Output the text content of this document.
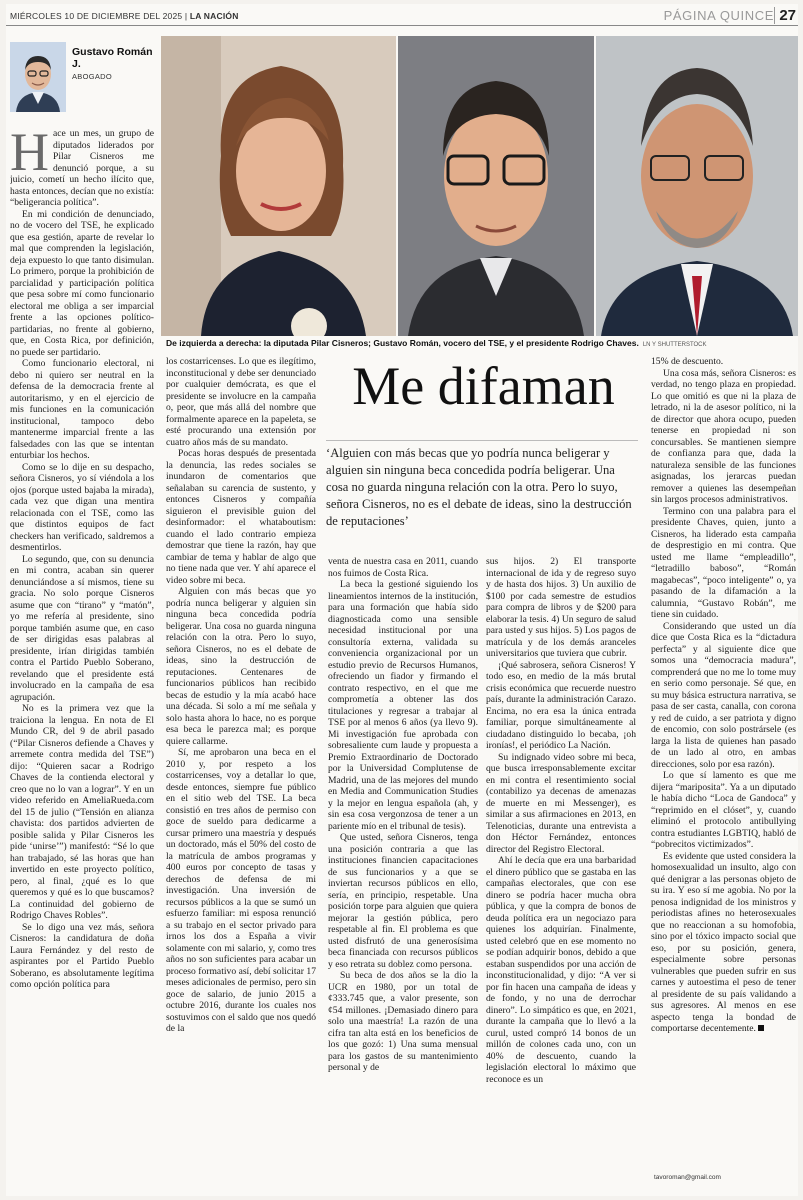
MIÉRCOLES 10 DE DICIEMBRE DEL 2025 | LA NACIÓN	PÁGINA QUINCE 27
Gustavo Román J.
ABOGADO
De izquierda a derecha: la diputada Pilar Cisneros; Gustavo Román, vocero del TSE, y el presidente Rodrigo Chaves. LN Y SHUTTERSTOCK

Hace un mes, un grupo de diputados liderados por Pilar Cisneros me denunció porque, a su juicio, cometí un hecho ilícito que, hasta entonces, decían que no existía: “beligerancia política”.

En mi condición de denunciado, no de vocero del TSE, he explicado que esa gestión, aparte de revelar lo mal que comprenden la legislación, deja expuesto lo que tanto disimulan. Lo primero, porque la prohibición de parcialidad y participación política que pesa sobre mí como funcionario electoral me obliga a ser imparcial frente a las opciones político-partidarias, no frente al gobierno, que, en Costa Rica, por definición, no puede ser partidario.

Como funcionario electoral, ni debo ni quiero ser neutral en la defensa de la democracia frente al autoritarismo, y en el ejercicio de mis funciones en la comunicación institucional, tampoco debo mantenerme imparcial frente a las falsedades con las que se intentan enturbiar los hechos.

Como se lo dije en su despacho, señora Cisneros, yo sí viéndola a los ojos (porque usted bajaba la mirada), cada vez que digan una mentira relacionada con el TSE, como las que distintos equipos de fact checkers han verificado, saldremos a desmentirlos.

Lo segundo, que, con su denuncia en mi contra, acaban sin querer denunciándose a sí mismos, tiene su gracia. No solo porque Cisneros asume que con “tirano” y “matón”, yo me refería al presidente, sino porque también asume que, en caso de ser dirigidas esas palabras al presidente, irían dirigidas también contra el Partido Pueblo Soberano, revelando que el presidente está involucrado en la campaña de esa agrupación.

No es la primera vez que la traiciona la lengua. En nota de El Mundo CR, del 9 de abril pasado (“Pilar Cisneros defiende a Chaves y arremete contra medida del TSE”) dijo: “Quieren sacar a Rodrigo Chaves de la contienda electoral y creo que no lo van a lograr”. Y en un video referido en AmeliaRueda.com del 15 de julio (“Tensión en alianza chavista: dos partidos advierten de posible salida y Pilar Cisneros les pide ‘unirse’”) manifestó: “Sé lo que han trabajado, sé las horas que han invertido en este proyecto político, pero, al final, ¿qué es lo que queremos y qué es lo que buscamos? La continuidad del gobierno de Rodrigo Chaves Robles”.

Se lo digo una vez más, señora Cisneros: la candidatura de doña Laura Fernández y del resto de aspirantes por el Partido Pueblo Soberano, es absolutamente legítima como opción política para

los costarricenses. Lo que es ilegítimo, inconstitucional y debe ser denunciado por cualquier demócrata, es que el presidente se involucre en la campaña o, peor, que más allá del nombre que formalmente aparece en la papeleta, se esté procurando una extensión por cuatro años más de su mandato.

Pocas horas después de presentada la denuncia, las redes sociales se inundaron de comentarios que señalaban su carencia de sustento, y entonces Cisneros y compañía siguieron el previsible guion del desinformador: el whataboutism: cuando el lado contrario empieza demostrar que tiene la razón, hay que cambiar de tema y hablar de algo que no tiene nada que ver. Y ahí aparece el video sobre mi beca.

Alguien con más becas que yo podría nunca beligerar y alguien sin ninguna beca concedida podría beligerar. Una cosa no guarda ninguna relación con la otra. Pero lo suyo, señora Cisneros, no es el debate de ideas, sino la destrucción de reputaciones. Centenares de funcionarios públicos han recibido becas de estudio y la mía acabó hace una década. Si solo a mí me señala y solo hasta ahora lo hace, no es porque esa beca le parezca mal; es porque quiere callarme.

Sí, me aprobaron una beca en el 2010 y, por respeto a los costarricenses, voy a detallar lo que, desde entonces, siempre fue público en el sitio web del TSE. La beca consistió en tres años de permiso con goce de sueldo para dedicarme a cursar primero una maestría y después un doctorado, más el 50% del costo de la matrícula de ambos programas y 400 euros por concepto de tasas y derechos de defensa de mi investigación. Una inversión de recursos públicos a la que se sumó un esfuerzo familiar: mi esposa renunció a su trabajo en el sector privado para irnos los dos a España a vivir solamente con mi salario, y, como tres años no son suficientes para acabar un proceso formativo así, debí solicitar 17 meses adicionales de permiso, pero sin goce de salario, de junio 2015 a octubre 2016, durante los cuales nos sostuvimos con el saldo que nos quedó de la

Me difaman
‘Alguien con más becas que yo podría nunca beligerar y alguien sin ninguna beca concedida podría beligerar. Una cosa no guarda ninguna relación con la otra. Pero lo suyo, señora Cisneros, no es el debate de ideas, sino la destrucción de reputaciones’

venta de nuestra casa en 2011, cuando nos fuimos de Costa Rica.

La beca la gestioné siguiendo los lineamientos internos de la institución, para una formación que había sido diagnosticada como una sensible necesidad institucional por una consultoría externa, validada su conveniencia organizacional por un estudio previo de Recursos Humanos, ofreciendo un fiador y firmando el contrato respectivo, en el que me comprometía a obtener las dos titulaciones y regresar a trabajar al TSE por al menos 6 años (ya llevo 9). Mi investigación fue aprobada con sobresaliente cum laude y propuesta a Premio Extraordinario de Doctorado por la Universidad Complutense de Madrid, una de las mejores del mundo en Media and Communication Studies y la mejor en lengua española (ah, y sin esa cosa vergonzosa de tener a un pariente mío en el tribunal de tesis).

Que usted, señora Cisneros, tenga una posición contraria a que las instituciones financien capacitaciones de sus funcionarios y a que se inviertan recursos públicos en ello, sería, en principio, respetable. Una posición torpe para alguien que quiera mejorar la gestión pública, pero respetable al fin. El problema es que usted disfrutó de una generosísima beca financiada con recursos públicos y eso retrata su doblez como persona.

Su beca de dos años se la dio la UCR en 1980, por un total de ¢333.745 que, a valor presente, son ¢54 millones. ¡Demasiado dinero para solo una maestría! La razón de una cifra tan alta está en los beneficios de los que gozó: 1) Una suma mensual para los gastos de su mantenimiento personal y de

sus hijos. 2) El transporte internacional de ida y de regreso suyo y de hasta dos hijos. 3) Un auxilio de $100 por cada semestre de estudios para compra de libros y de $200 para elaborar la tesis. 4) Un seguro de salud para usted y sus hijos. 5) Los pagos de matrícula y de los demás aranceles universitarios que tuviera que cubrir.

¡Qué sabrosera, señora Cisneros! Y todo eso, en medio de la más brutal crisis económica que recuerde nuestro país, durante la administración Carazo. Encima, no era esa la única entrada familiar, porque simultáneamente al ciudadano distinguido lo becaba, ¡oh ironías!, el periódico La Nación.

Su indignado video sobre mi beca, que busca irresponsablemente excitar en mi contra el resentimiento social (contabilizo ya decenas de amenazas de muerte en mi Messenger), es similar a sus afirmaciones en 2013, en Telenoticias, durante una entrevista a don Héctor Fernández, entonces director del Registro Electoral.

Ahí le decía que era una barbaridad el dinero público que se gastaba en las campañas electorales, que con ese dinero se podría hacer mucha obra pública, y que la compra de bonos de deuda política era un negociazo para quienes los adquirían. Finalmente, usted celebró que en ese momento no se podían adquirir bonos, debido a que estaban suspendidos por una acción de inconstitucionalidad, y dijo: “A ver si por fin hacen una campaña de ideas y de fondo, y no una de derrochar dinero”. Lo simpático es que, en 2021, durante la campaña que lo llevó a la curul, usted compró 14 bonos de un millón de colones cada uno, con un 40% de descuento, cuando la legislación electoral lo máximo que reconoce es un

15% de descuento.

Una cosa más, señora Cisneros: es verdad, no tengo plaza en propiedad. Lo que omitió es que ni la plaza de letrado, ni la de asesor político, ni la de director que ahora ocupo, pueden tenerse en propiedad ni son concursables. Se mantienen siempre de confianza para que, dada la naturaleza sensible de las funciones asignadas, los jerarcas puedan remover a quienes las desempeñan sin largos procesos administrativos.

Termino con una palabra para el presidente Chaves, quien, junto a Cisneros, ha liderado esta campaña de desprestigio en mi contra. Que usted me llame “empleadillo”, “letradillo baboso”, “Román magabecas”, “poco inteligente” o, ya pasando de la difamación a la calumnia, “Gustavo Robán”, me tiene sin cuidado.

Considerando que usted un día dice que Costa Rica es la “dictadura perfecta” y al siguiente dice que somos una “democracia madura”, comprenderá que no me lo tome muy en serio como personaje. Sé que, en su muy básica estructura narrativa, se pasa de ser casta, canalla, con corona y red de cuido, a ser patriota y digno de encomio, con solo postrársele (es larga la lista de quienes han pasado de un lado al otro, en ambas direcciones, solo por esa razón).

Lo que sí lamento es que me dijera “mariposita”. Ya a un diputado le había dicho “Loca de Gandoca” y “reprimido en el clóset”, y, cuando eliminó el protocolo antibullying contra estudiantes LGBTIQ, habló de “pobrecitos victimizados”.

Es evidente que usted considera la homosexualidad un insulto, algo con qué denigrar a las personas objeto de su ira. Y eso sí me agobia. No por la penosa indignidad de los ministros y periodistas afines no heterosexuales que no reaccionan a su homofobia, sino por el tóxico impacto social que eso, por su posición, genera, especialmente sobre personas vulnerables que pueden sufrir en sus carnes y autoestima el peso de tener al presidente de su país validando a sus agresores. Al menos en ese aspecto tenga la bondad de comportarse decentemente.

tavoroman@gmail.com
